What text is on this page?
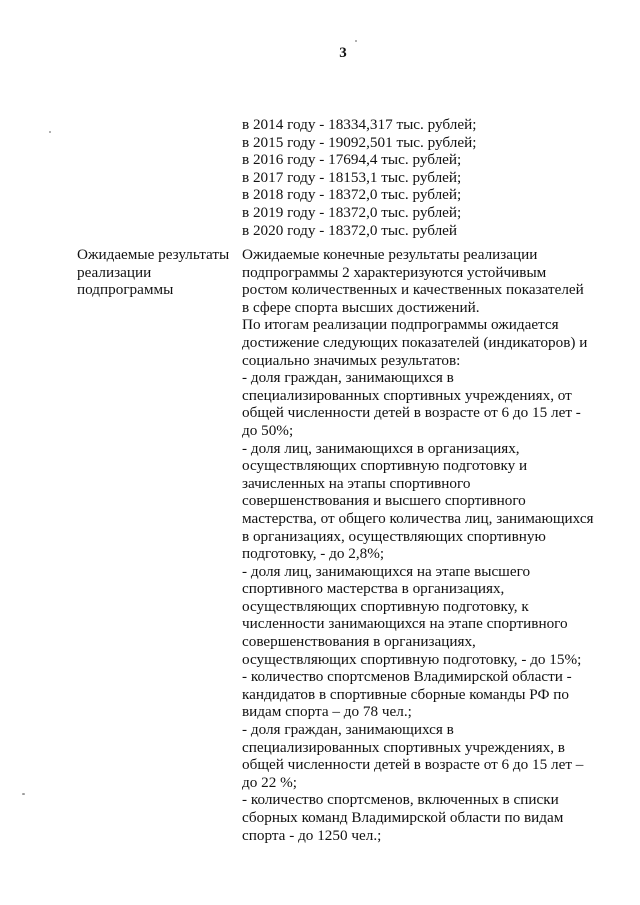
3
в 2014 году - 18334,317 тыс. рублей;
в 2015 году - 19092,501 тыс. рублей;
в 2016 году - 17694,4 тыс. рублей;
в 2017 году - 18153,1 тыс. рублей;
в 2018 году - 18372,0 тыс. рублей;
в 2019 году - 18372,0 тыс. рублей;
в 2020 году - 18372,0 тыс. рублей
Ожидаемые результаты реализации подпрограммы

Ожидаемые конечные результаты реализации подпрограммы 2 характеризуются устойчивым ростом количественных и качественных показателей в сфере спорта высших достижений.

По итогам реализации подпрограммы ожидается достижение следующих показателей (индикаторов) и социально значимых результатов:

- доля граждан, занимающихся в специализированных спортивных учреждениях, от общей численности детей в возрасте от 6 до 15 лет - до 50%;

- доля лиц, занимающихся в организациях, осуществляющих спортивную подготовку и зачисленных на этапы спортивного совершенствования и высшего спортивного мастерства, от общего количества лиц, занимающихся в организациях, осуществляющих спортивную подготовку, - до 2,8%;

- доля лиц, занимающихся на этапе высшего спортивного мастерства в организациях, осуществляющих спортивную подготовку, к численности занимающихся на этапе спортивного совершенствования в организациях, осуществляющих спортивную подготовку, - до 15%;

- количество спортсменов Владимирской области - кандидатов в спортивные сборные команды РФ по видам спорта – до 78 чел.;

- доля граждан, занимающихся в специализированных спортивных учреждениях, в общей численности детей в возрасте от 6 до 15 лет – до 22 %;

- количество спортсменов, включенных в списки сборных команд Владимирской области по видам спорта - до 1250 чел.;
